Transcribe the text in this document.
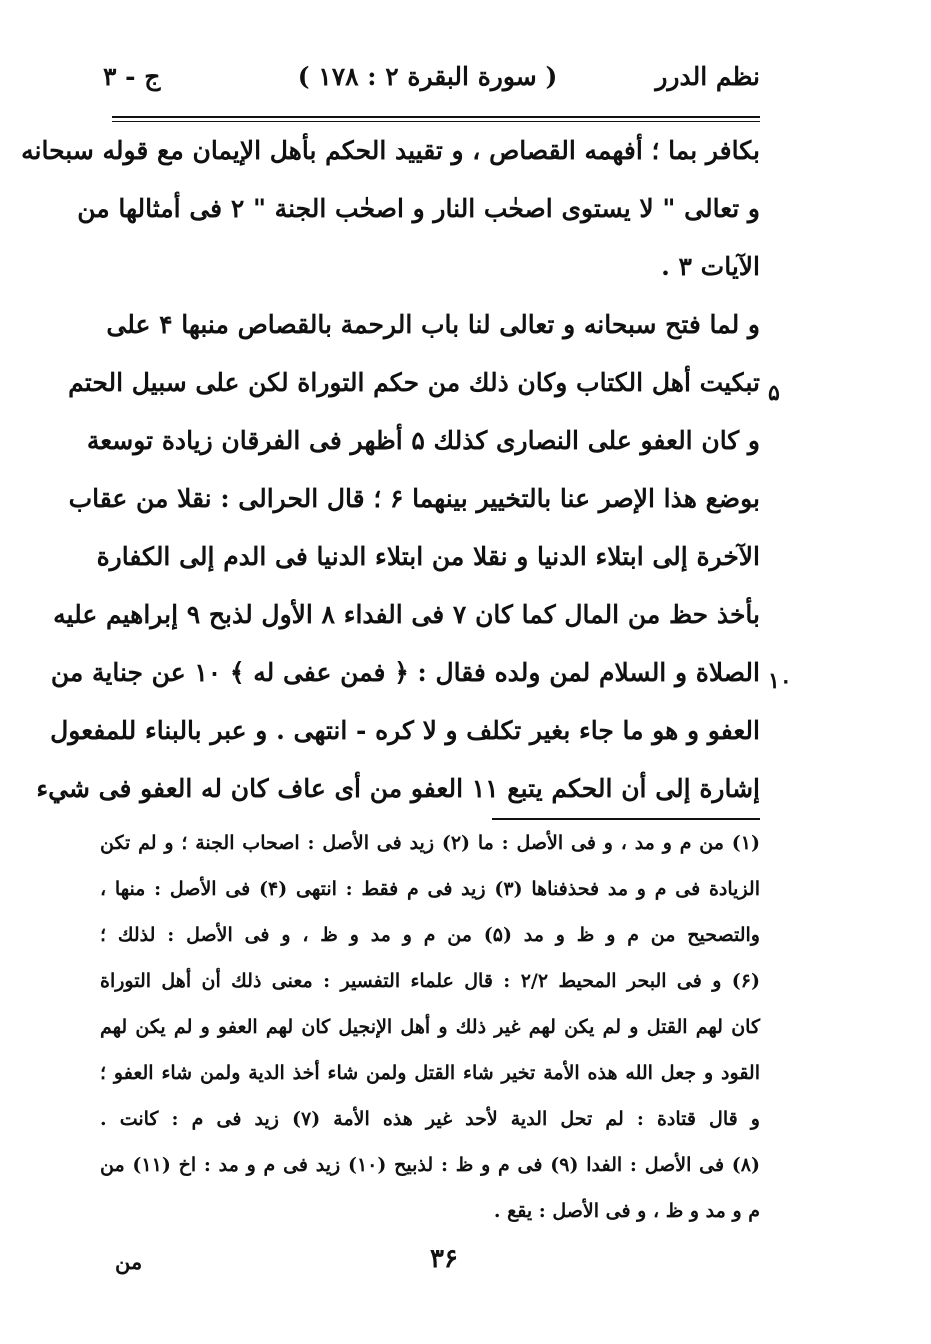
نظم الدرر
( سورة البقرة ۲ : ۱۷۸ )
ج - ۳
بكافر بما ؛ أفهمه القصاص ، و تقييد الحكم بأهل الإيمان مع قوله سبحانه
و تعالى " لا يستوى اصحٰب النار و اصحٰب الجنة " ۲ فى أمثالها من
الآيات ۳ .
و لما فتح سبحانه و تعالى لنا باب الرحمة بالقصاص منبها ۴ على
تبكيت أهل الكتاب وكان ذلك من حكم التوراة لكن على سبيل الحتم
و كان العفو على النصارى كذلك ۵ أظهر فى الفرقان زيادة توسعة
بوضع هذا الإصر عنا بالتخيير بينهما ۶ ؛ قال الحرالى : نقلا من عقاب
الآخرة إلى ابتلاء الدنيا و نقلا من ابتلاء الدنيا فى الدم إلى الكفارة
بأخذ حظ من المال كما كان ۷ فى الفداء ۸ الأول لذبح ۹ إبراهيم عليه
الصلاة و السلام لمن ولده فقال : ﴿ فمن عفى له ﴾ ۱۰ عن جناية من
العفو و هو ما جاء بغير تكلف و لا كره - انتهى . و عبر بالبناء للمفعول
إشارة إلى أن الحكم يتبع ۱۱ العفو من أى عاف كان له العفو فى شيء
۵
۱۰
(۱) من م و مد ، و فى الأصل : ما (۲) زيد فى الأصل : اصحاب الجنة ؛ و لم تكن
الزيادة فى م و مد فحذفناها (۳) زيد فى م فقط : انتهى (۴) فى الأصل : منها ،
والتصحيح من م و ظ و مد (۵) من م و مد و ظ ، و فى الأصل : لذلك ؛
(۶) و فى البحر المحيط ۲/۲ : قال علماء التفسير : معنى ذلك أن أهل التوراة
كان لهم القتل و لم يكن لهم غير ذلك و أهل الإنجيل كان لهم العفو و لم يكن لهم
القود و جعل الله هذه الأمة تخير شاء القتل ولمن شاء أخذ الدية ولمن شاء العفو ؛
و قال قتادة : لم تحل الدية لأحد غير هذه الأمة (۷) زيد فى م : كانت .
(۸) فى الأصل : الفدا (۹) فى م و ظ : لذبيح (۱۰) زيد فى م و مد : اخ (۱۱) من
م و مد و ظ ، و فى الأصل : يقع .
۳۶
من
